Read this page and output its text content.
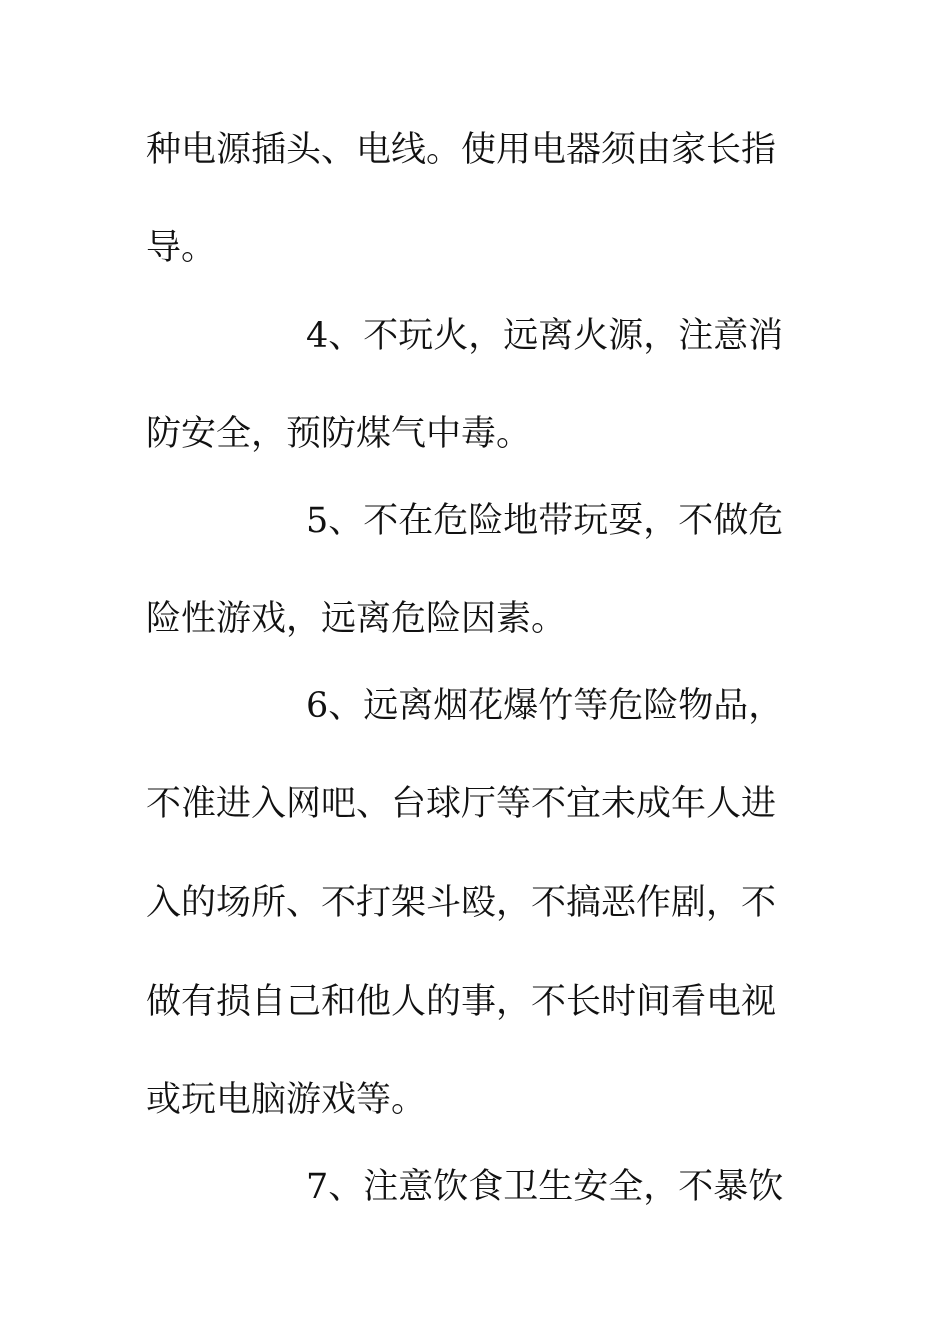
种电源插头、电线。使用电器须由家长指
导。
4、不玩火，远离火源，注意消
防安全，预防煤气中毒。
5、不在危险地带玩耍，不做危
险性游戏，远离危险因素。
6、远离烟花爆竹等危险物品，
不准进入网吧、台球厅等不宜未成年人进
入的场所、不打架斗殴，不搞恶作剧，不
做有损自己和他人的事，不长时间看电视
或玩电脑游戏等。
7、注意饮食卫生安全，不暴饮
